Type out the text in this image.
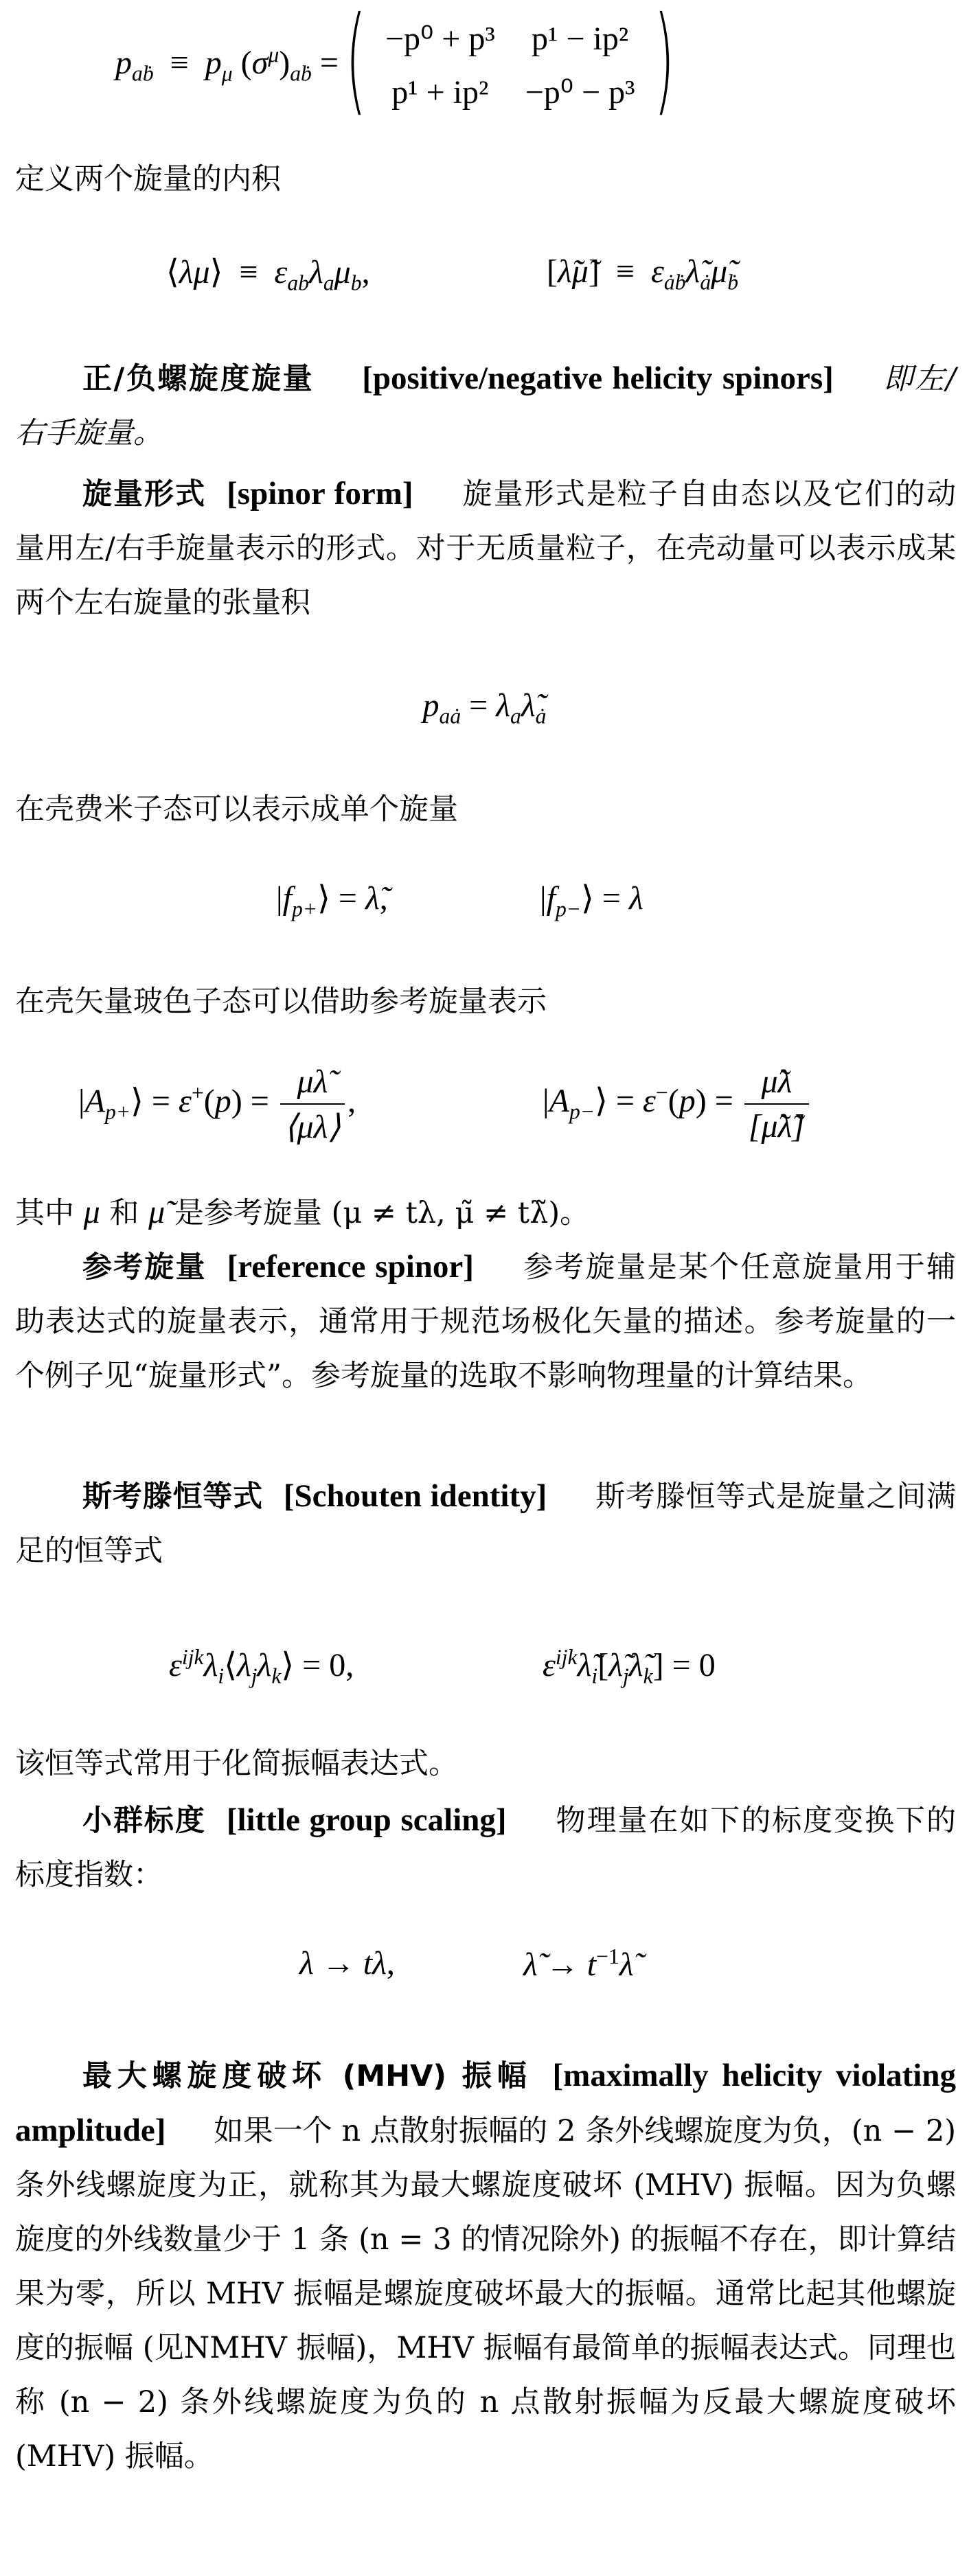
$p_{aḃ} \equiv p_\mu$ $(\sigma^\mu)_{aḃ}$ =
( −p⁰ + p³	p¹ − ip²
p¹ + ip²	−p⁰ − p³ )
定义两个旋量的内积
⟨λμ⟩  ≡  $\varepsilon_{ab}\lambda_a\mu_b$,	[λ̃μ̃]  ≡  $\varepsilon_{ȧḃ}\lambdã_ȧ\mũ_ḃ$
正/负螺旋度旋量 [positive/negative helicity spinors] 即左/右手旋量。
旋量形式 [spinor form] 旋量形式是粒子自由态以及它们的动量用左/右手旋量表示的形式。对于无质量粒子，在壳动量可以表示成某两个左右旋量的张量积
$p_{aȧ}$ = $\lambda_a\lambdã_ȧ$
在壳费米子态可以表示成单个旋量
$|f_{p+}⟩$ = λ̃,	$|f_{p-}⟩ = \lambda$
在壳矢量玻色子态可以借助参考旋量表示
$|A_{p+}⟩ = \varepsilon^+(p) = \frac{\mu\lambdã}{⟨\mu\lambda⟩}$ ,	$|A_{p-}⟩ = \varepsilon^-(p) = \frac{\mũ\lambda}{[\mũ\lambdã]}$
其中 μ 和 μ̃ 是参考旋量 (μ ≠ tλ, μ̃ ≠ tλ̃)。
参考旋量 [reference spinor] 参考旋量是某个任意旋量用于辅助表达式的旋量表示，通常用于规范场极化矢量的描述。参考旋量的一个例子见“旋量形式”。参考旋量的选取不影响物理量的计算结果。
斯考滕恒等式 [Schouten identity] 斯考滕恒等式是旋量之间满足的恒等式
$\varepsilon^{ijk}\lambda_i⟨\lambda_j\lambda_k⟩ = 0$,	$\varepsilon^{ijk}\lambdã_i[\lambdã_j\lambdã_k] = 0$
该恒等式常用于化简振幅表达式。
小群标度 [little group scaling] 物理量在如下的标度变换下的标度指数：
λ → tλ,	λ̃ → $t^{-1}\lambdã$
最大螺旋度破坏 (MHV) 振幅 [maximally helicity violating amplitude] 如果一个 n 点散射振幅的 2 条外线螺旋度为负，(n − 2) 条外线螺旋度为正，就称其为最大螺旋度破坏 (MHV) 振幅。因为负螺旋度的外线数量少于 1 条 (n = 3 的情况除外) 的振幅不存在，即计算结果为零，所以 MHV 振幅是螺旋度破坏最大的振幅。通常比起其他螺旋度的振幅 (见NMHV 振幅)，MHV 振幅有最简单的振幅表达式。同理也称 (n − 2) 条外线螺旋度为负的 n 点散射振幅为反最大螺旋度破坏 (MHV) 振幅。
